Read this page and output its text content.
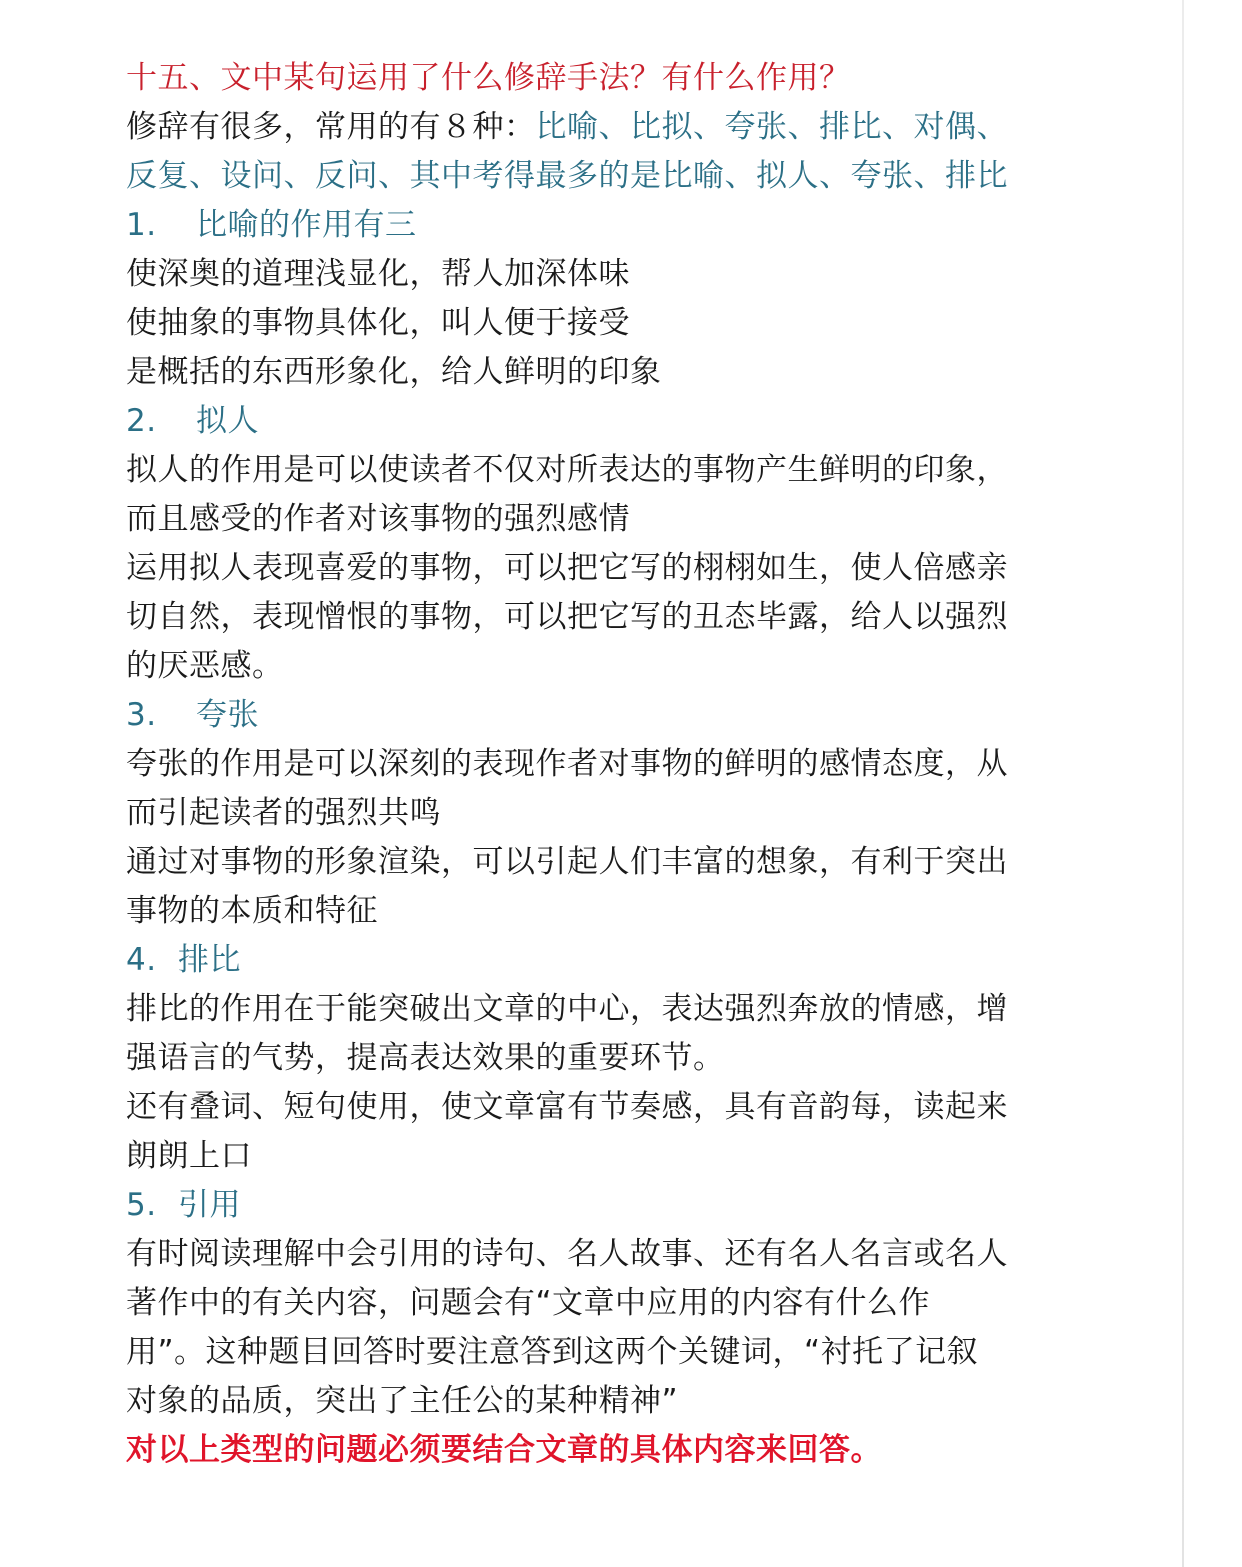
十五、文中某句运用了什么修辞手法？有什么作用？
修辞有很多，常用的有８种：比喻、比拟、夸张、排比、对偶、
反复、设问、反问、其中考得最多的是比喻、拟人、夸张、排比
1. 比喻的作用有三
使深奥的道理浅显化，帮人加深体味
使抽象的事物具体化，叫人便于接受
是概括的东西形象化，给人鲜明的印象
2. 拟人
拟人的作用是可以使读者不仅对所表达的事物产生鲜明的印象，
而且感受的作者对该事物的强烈感情
运用拟人表现喜爱的事物，可以把它写的栩栩如生，使人倍感亲
切自然，表现憎恨的事物，可以把它写的丑态毕露，给人以强烈
的厌恶感。
3. 夸张
夸张的作用是可以深刻的表现作者对事物的鲜明的感情态度，从
而引起读者的强烈共鸣
通过对事物的形象渲染，可以引起人们丰富的想象，有利于突出
事物的本质和特征
4. 排比
排比的作用在于能突破出文章的中心，表达强烈奔放的情感，增
强语言的气势，提高表达效果的重要环节。
还有叠词、短句使用，使文章富有节奏感，具有音韵每，读起来
朗朗上口
5. 引用
有时阅读理解中会引用的诗句、名人故事、还有名人名言或名人
著作中的有关内容，问题会有“文章中应用的内容有什么作
用”。这种题目回答时要注意答到这两个关键词，“衬托了记叙
对象的品质，突出了主任公的某种精神”
对以上类型的问题必须要结合文章的具体内容来回答。
